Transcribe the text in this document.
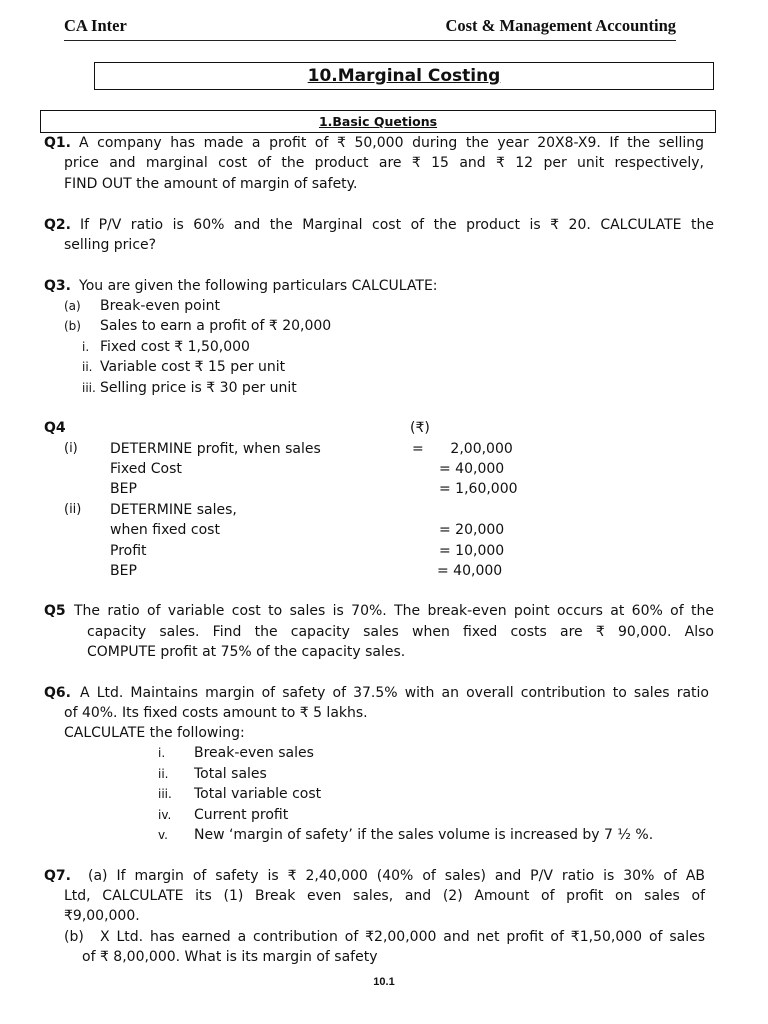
CA Inter	Cost & Management Accounting
10.Marginal Costing
1.Basic Quetions
Q1. A company has made a profit of ₹ 50,000 during the year 20X8-X9. If the selling
price and marginal cost of the product are ₹ 15 and ₹ 12 per unit respectively,
FIND OUT the amount of margin of safety.
Q2. If P/V ratio is 60% and the Marginal cost of the product is ₹ 20. CALCULATE the
selling price?
Q3. You are given the following particulars CALCULATE:
(a) Break-even point
(b) Sales to earn a profit of ₹ 20,000
i. Fixed cost ₹ 1,50,000
ii. Variable cost ₹ 15 per unit
iii. Selling price is ₹ 30 per unit
Q4	(₹)
(i) DETERMINE profit, when sales	=      2,00,000
Fixed Cost	= 40,000
BEP	= 1,60,000
(ii) DETERMINE sales,
when fixed cost	= 20,000
Profit	= 10,000
BEP	= 40,000
Q5 The ratio of variable cost to sales is 70%. The break-even point occurs at 60% of the
capacity sales. Find the capacity sales when fixed costs are ₹ 90,000. Also
COMPUTE profit at 75% of the capacity sales.
Q6. A Ltd. Maintains margin of safety of 37.5% with an overall contribution to sales ratio
of 40%. Its fixed costs amount to ₹ 5 lakhs.
CALCULATE the following:
i. Break-even sales
ii. Total sales
iii. Total variable cost
iv. Current profit
v. New ‘margin of safety’ if the sales volume is increased by 7 ½ %.
Q7. (a) If margin of safety is ₹ 2,40,000 (40% of sales) and P/V ratio is 30% of AB
Ltd, CALCULATE its (1) Break even sales, and (2) Amount of profit on sales of
₹9,00,000.
(b) X Ltd. has earned a contribution of ₹2,00,000 and net profit of ₹1,50,000 of sales
of ₹ 8,00,000. What is its margin of safety
10.1
